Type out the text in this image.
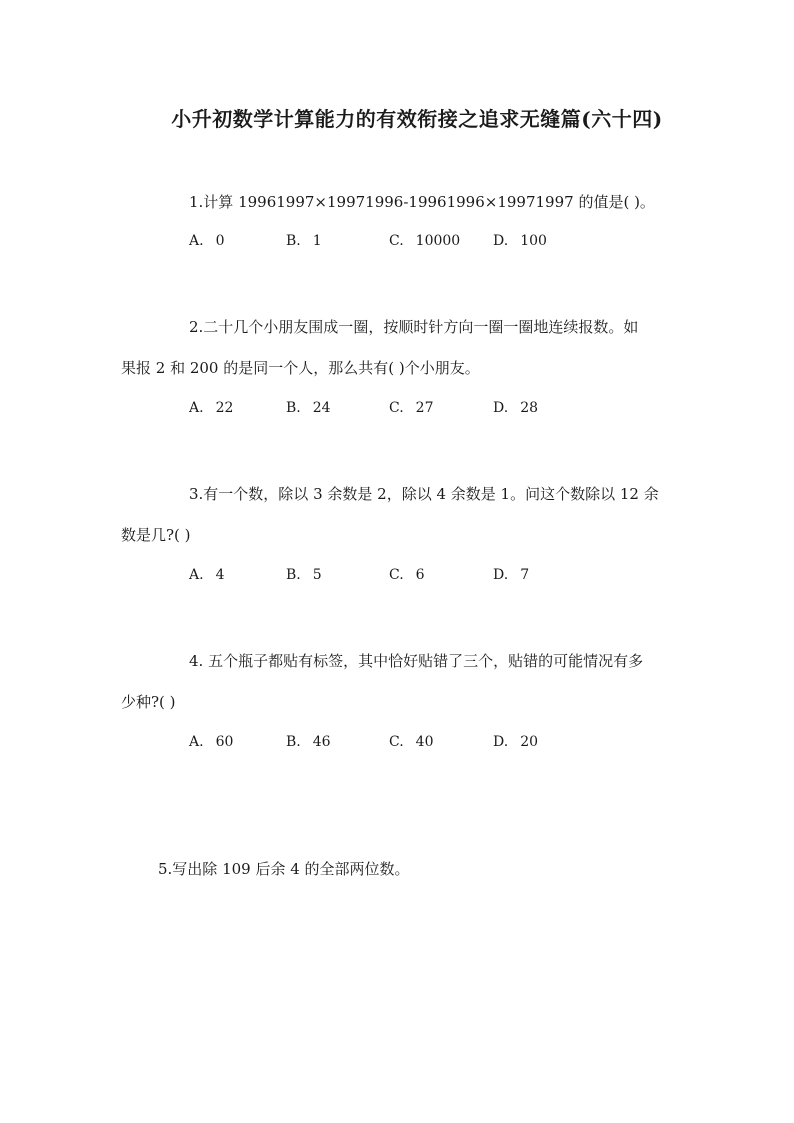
小升初数学计算能力的有效衔接之追求无缝篇(六十四)
1.计算 19961997×19971996-19961996×19971997 的值是( )。
A. 0	B. 1	C. 10000 D. 100
2.二十几个小朋友围成一圈，按顺时针方向一圈一圈地连续报数。如
果报 2 和 200 的是同一个人，那么共有( )个小朋友。
A. 22	B. 24	C. 27	D. 28
3.有一个数，除以 3 余数是 2，除以 4 余数是 1。问这个数除以 12 余
数是几?( )
A. 4	B. 5	C. 6	D. 7
4. 五个瓶子都贴有标签，其中恰好贴错了三个，贴错的可能情况有多
少种?( )
A. 60	B. 46	C. 40	D. 20
5.写出除 109 后余 4 的全部两位数。
